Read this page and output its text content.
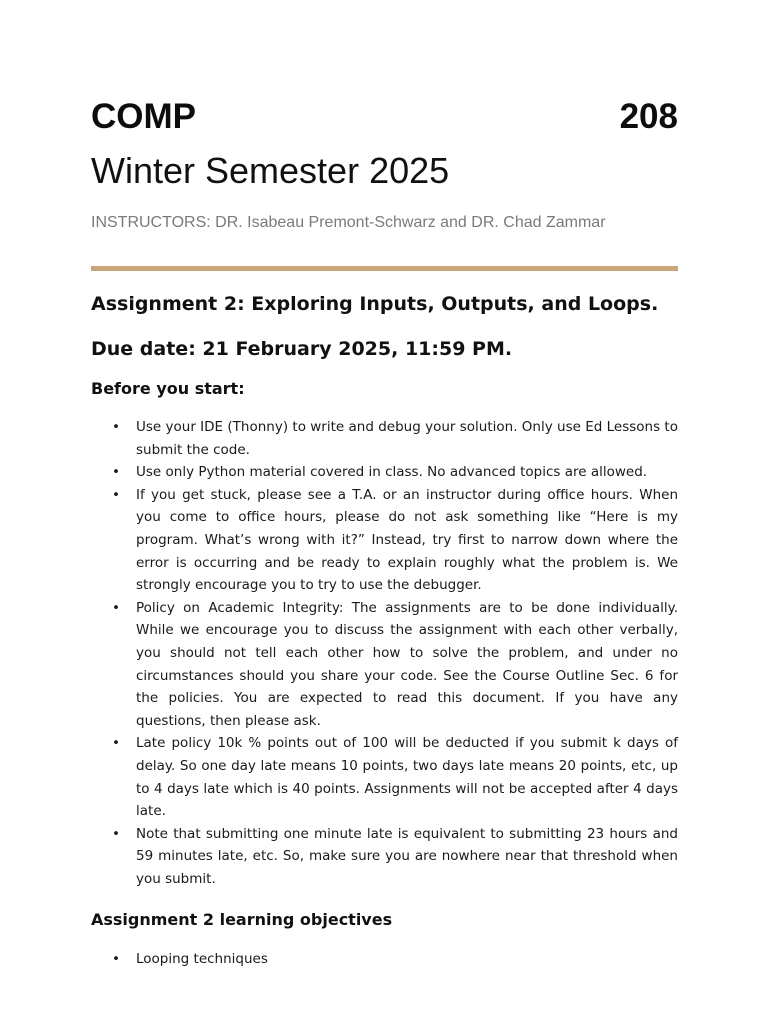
COMP	208
Winter Semester 2025
INSTRUCTORS: DR. Isabeau Premont-Schwarz and DR. Chad Zammar
Assignment 2: Exploring Inputs, Outputs, and Loops.
Due date: 21 February 2025, 11:59 PM.
Before you start:
• Use your IDE (Thonny) to write and debug your solution. Only use Ed Lessons to submit the code.
• Use only Python material covered in class. No advanced topics are allowed.
• If you get stuck, please see a T.A. or an instructor during office hours. When you come to office hours, please do not ask something like “Here is my program. What’s wrong with it?” Instead, try first to narrow down where the error is occurring and be ready to explain roughly what the problem is. We strongly encourage you to try to use the debugger.
• Policy on Academic Integrity: The assignments are to be done individually. While we encourage you to discuss the assignment with each other verbally, you should not tell each other how to solve the problem, and under no circumstances should you share your code. See the Course Outline Sec. 6 for the policies. You are expected to read this document. If you have any questions, then please ask.
• Late policy 10k % points out of 100 will be deducted if you submit k days of delay. So one day late means 10 points, two days late means 20 points, etc, up to 4 days late which is 40 points. Assignments will not be accepted after 4 days late.
• Note that submitting one minute late is equivalent to submitting 23 hours and 59 minutes late, etc. So, make sure you are nowhere near that threshold when you submit.
Assignment 2 learning objectives
• Looping techniques
